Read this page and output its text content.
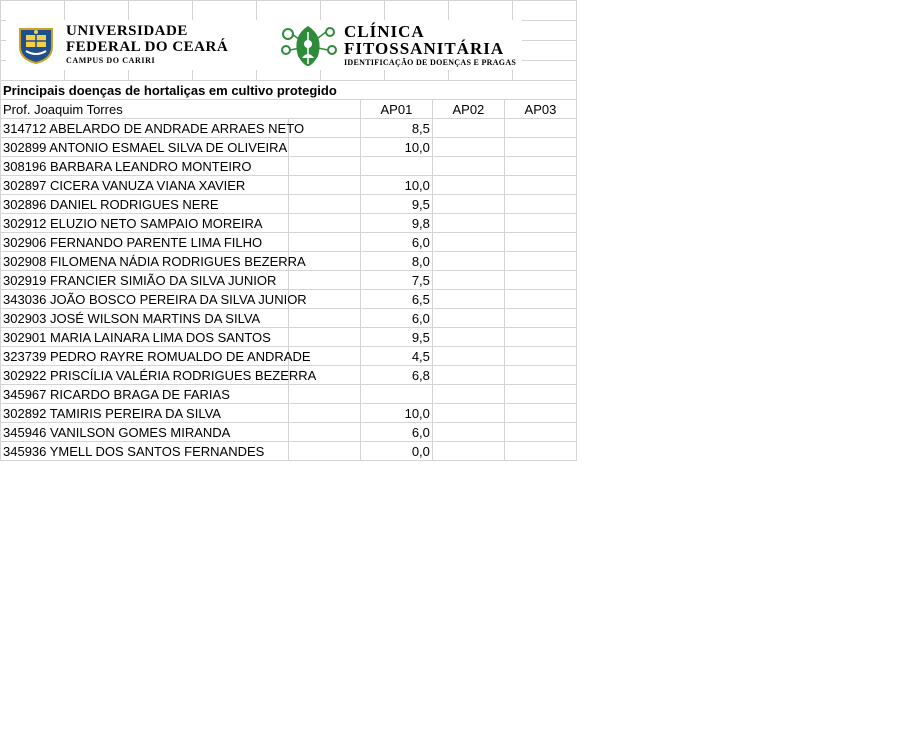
UNIVERSIDADE
FEDERAL DO CEARÁ
CAMPUS DO CARIRI
CLÍNICA
FITOSSANITÁRIA
IDENTIFICAÇÃO DE DOENÇAS E PRAGAS
Principais doenças de hortaliças em cultivo protegido				
Prof. Joaquim Torres		AP01	AP02	AP03
314712 ABELARDO DE ANDRADE ARRAES NETO		8,5		
302899 ANTONIO ESMAEL SILVA DE OLIVEIRA		10,0		
308196 BARBARA LEANDRO MONTEIRO				
302897 CICERA VANUZA VIANA XAVIER		10,0		
302896 DANIEL RODRIGUES NERE		9,5		
302912 ELUZIO NETO SAMPAIO MOREIRA		9,8		
302906 FERNANDO PARENTE LIMA FILHO		6,0		
302908 FILOMENA NÁDIA RODRIGUES BEZERRA		8,0		
302919 FRANCIER SIMIÃO DA SILVA JUNIOR		7,5		
343036 JOÃO BOSCO PEREIRA DA SILVA JUNIOR		6,5		
302903 JOSÉ WILSON MARTINS DA SILVA		6,0		
302901 MARIA LAINARA LIMA DOS SANTOS		9,5		
323739 PEDRO RAYRE ROMUALDO DE ANDRADE		4,5		
302922 PRISCÍLIA VALÉRIA RODRIGUES BEZERRA		6,8		
345967 RICARDO BRAGA DE FARIAS				
302892 TAMIRIS PEREIRA DA SILVA		10,0		
345946 VANILSON GOMES MIRANDA		6,0		
345936 YMELL DOS SANTOS FERNANDES		0,0		
